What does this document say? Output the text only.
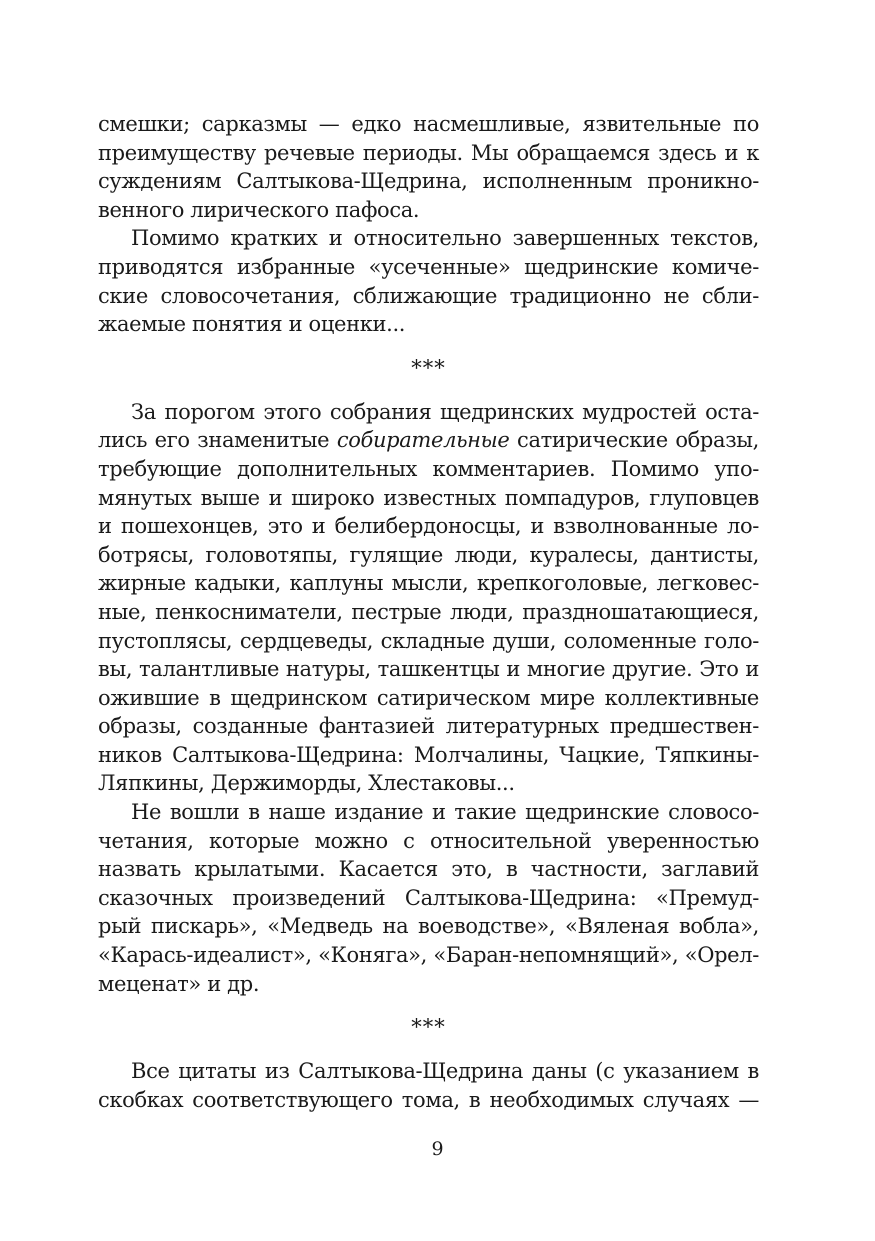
смешки; сарказмы — едко насмешливые, язвительные по
преимуществу речевые периоды. Мы обращаемся здесь и к
суждениям Салтыкова-Щедрина, исполненным проникно-
венного лирического пафоса.
Помимо кратких и относительно завершенных текстов,
приводятся избранные «усеченные» щедринские комиче-
ские словосочетания, сближающие традиционно не сбли-
жаемые понятия и оценки...
***
За порогом этого собрания щедринских мудростей оста-
лись его знаменитые собирательные сатирические образы,
требующие дополнительных комментариев. Помимо упо-
мянутых выше и широко известных помпадуров, глуповцев
и пошехонцев, это и белибердоносцы, и взволнованные ло-
ботрясы, головотяпы, гулящие люди, куралесы, дантисты,
жирные кадыки, каплуны мысли, крепкоголовые, легковес-
ные, пенкосниматели, пестрые люди, праздношатающиеся,
пустоплясы, сердцеведы, складные души, соломенные голо-
вы, талантливые натуры, ташкентцы и многие другие. Это и
ожившие в щедринском сатирическом мире коллективные
образы, созданные фантазией литературных предшествен-
ников Салтыкова-Щедрина: Молчалины, Чацкие, Тяпкины-
Ляпкины, Держиморды, Хлестаковы...
Не вошли в наше издание и такие щедринские словосо-
четания, которые можно с относительной уверенностью
назвать крылатыми. Касается это, в частности, заглавий
сказочных произведений Салтыкова-Щедрина: «Премуд-
рый пискарь», «Медведь на воеводстве», «Вяленая вобла»,
«Карась-идеалист», «Коняга», «Баран-непомнящий», «Орел-
меценат» и др.
***
Все цитаты из Салтыкова-Щедрина даны (с указанием в
скобках соответствующего тома, в необходимых случаях —
9
